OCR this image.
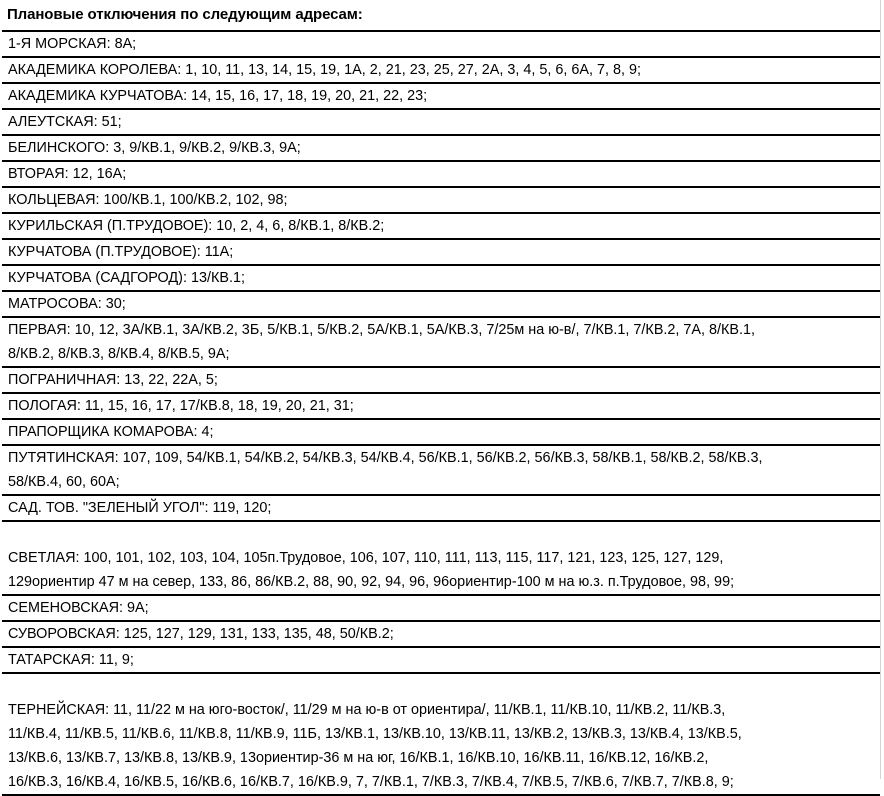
Плановые отключения по следующим адресам:
1-Я МОРСКАЯ: 8А;
АКАДЕМИКА КОРОЛЕВА: 1, 10, 11, 13, 14, 15, 19, 1А, 2, 21, 23, 25, 27, 2А, 3, 4, 5, 6, 6А, 7, 8, 9;
АКАДЕМИКА КУРЧАТОВА: 14, 15, 16, 17, 18, 19, 20, 21, 22, 23;
АЛЕУТСКАЯ: 51;
БЕЛИНСКОГО: 3, 9/КВ.1, 9/КВ.2, 9/КВ.3, 9А;
ВТОРАЯ: 12, 16А;
КОЛЬЦЕВАЯ: 100/КВ.1, 100/КВ.2, 102, 98;
КУРИЛЬСКАЯ (П.ТРУДОВОЕ): 10, 2, 4, 6, 8/КВ.1, 8/КВ.2;
КУРЧАТОВА (П.ТРУДОВОЕ): 11А;
КУРЧАТОВА (САДГОРОД): 13/КВ.1;
МАТРОСОВА: 30;
ПЕРВАЯ: 10, 12, 3А/КВ.1, 3А/КВ.2, 3Б, 5/КВ.1, 5/КВ.2, 5А/КВ.1, 5А/КВ.3, 7/25м на ю-в/, 7/КВ.1, 7/КВ.2, 7А, 8/КВ.1,
8/КВ.2, 8/КВ.3, 8/КВ.4, 8/КВ.5, 9А;
ПОГРАНИЧНАЯ: 13, 22, 22А, 5;
ПОЛОГАЯ: 11, 15, 16, 17, 17/КВ.8, 18, 19, 20, 21, 31;
ПРАПОРЩИКА КОМАРОВА: 4;
ПУТЯТИНСКАЯ: 107, 109, 54/КВ.1, 54/КВ.2, 54/КВ.3, 54/КВ.4, 56/КВ.1, 56/КВ.2, 56/КВ.3, 58/КВ.1, 58/КВ.2, 58/КВ.3,
58/КВ.4, 60, 60А;
САД. ТОВ. "ЗЕЛЕНЫЙ УГОЛ": 119, 120;
СВЕТЛАЯ: 100, 101, 102, 103, 104, 105п.Трудовое, 106, 107, 110, 111, 113, 115, 117, 121, 123, 125, 127, 129,
129ориентир 47 м на север, 133, 86, 86/КВ.2, 88, 90, 92, 94, 96, 96ориентир-100 м на ю.з. п.Трудовое, 98, 99;
СЕМЕНОВСКАЯ: 9А;
СУВОРОВСКАЯ: 125, 127, 129, 131, 133, 135, 48, 50/КВ.2;
ТАТАРСКАЯ: 11, 9;
ТЕРНЕЙСКАЯ: 11, 11/22 м на юго-восток/, 11/29 м на ю-в от ориентира/, 11/КВ.1, 11/КВ.10, 11/КВ.2, 11/КВ.3,
11/КВ.4, 11/КВ.5, 11/КВ.6, 11/КВ.8, 11/КВ.9, 11Б, 13/КВ.1, 13/КВ.10, 13/КВ.11, 13/КВ.2, 13/КВ.3, 13/КВ.4, 13/КВ.5,
13/КВ.6, 13/КВ.7, 13/КВ.8, 13/КВ.9, 13ориентир-36 м на юг, 16/КВ.1, 16/КВ.10, 16/КВ.11, 16/КВ.12, 16/КВ.2,
16/КВ.3, 16/КВ.4, 16/КВ.5, 16/КВ.6, 16/КВ.7, 16/КВ.9, 7, 7/КВ.1, 7/КВ.3, 7/КВ.4, 7/КВ.5, 7/КВ.6, 7/КВ.7, 7/КВ.8, 9;
